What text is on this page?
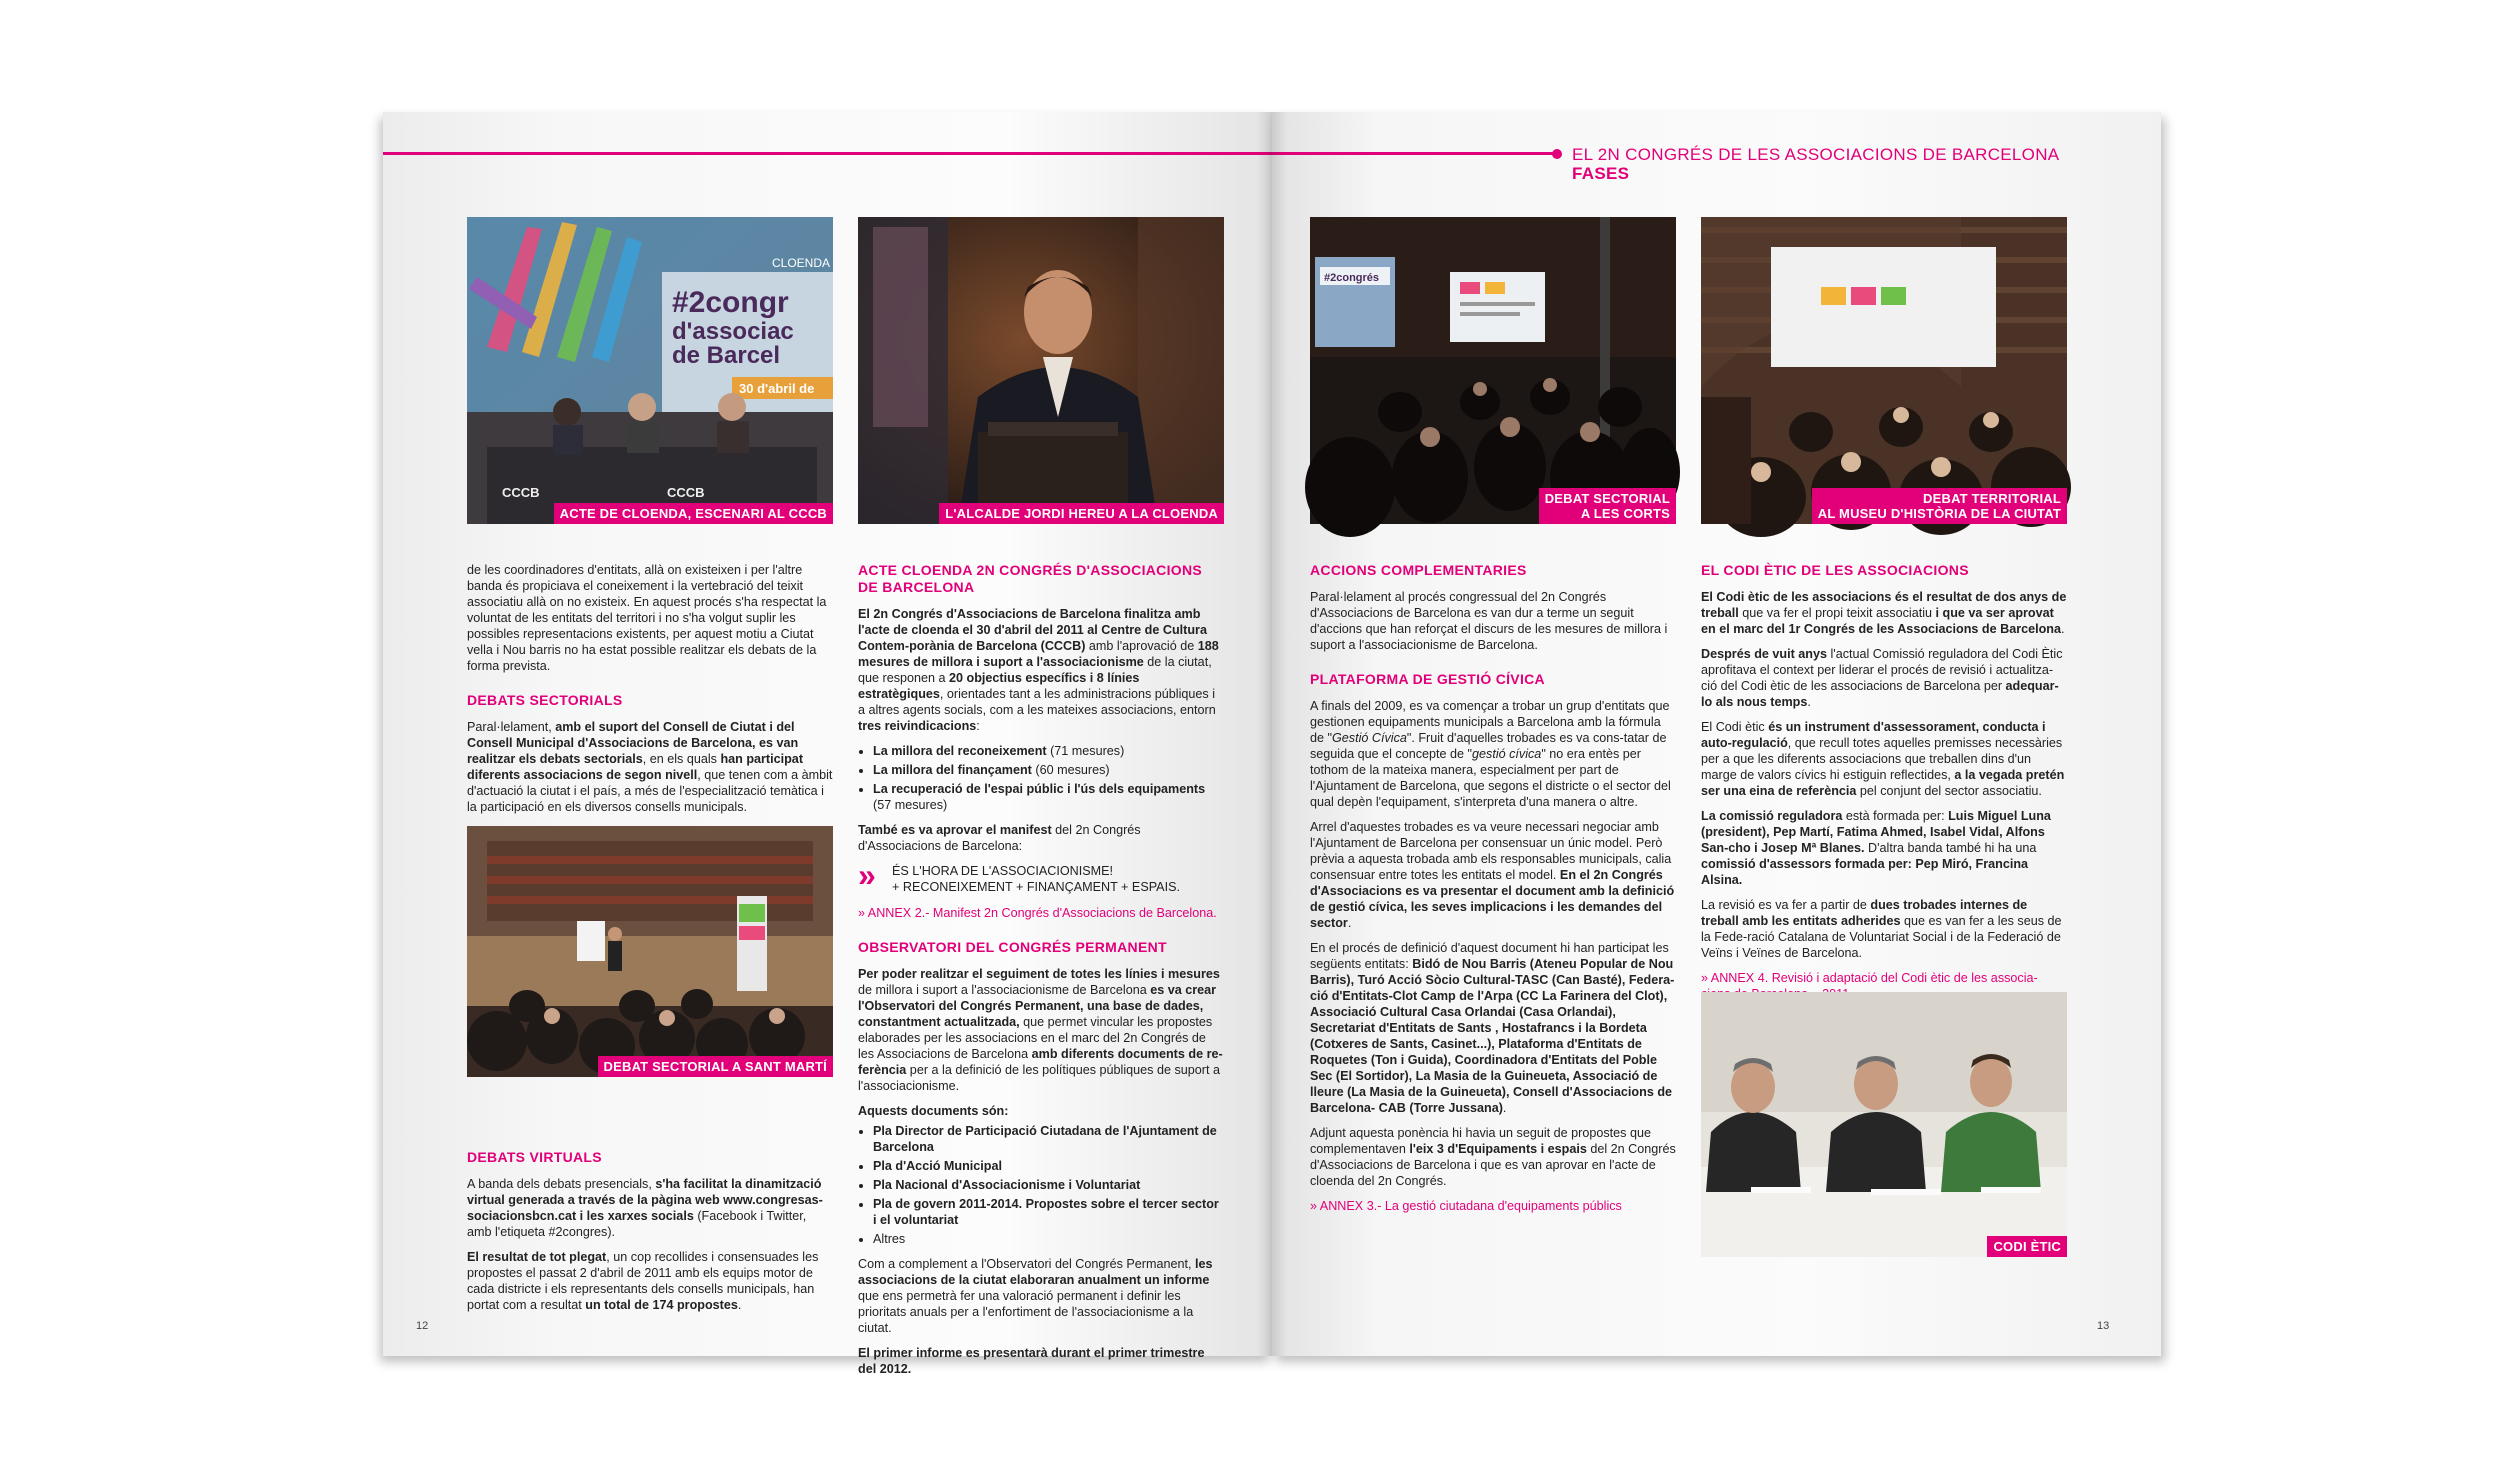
#2congr
d'associac
de Barcel
30 d'abril de
CLOENDA
CCCB	CCCB
ACTE DE CLOENDA, ESCENARI AL CCCB	L'ALCALDE JORDI HEREU A LA CLOENDA

de les coordinadores d'entitats, allà on existeixen i per l'altre banda és propiciava el coneixement i la vertebració del teixit associatiu allà on no existeix. En aquest procés s'ha respectat la voluntat de les entitats del territori i no s'ha volgut suplir les possibles representacions existents, per aquest motiu a Ciutat vella i Nou barris no ha estat possible realitzar els debats de la forma prevista.

DEBATS SECTORIALS

Paral·lelament, amb el suport del Consell de Ciutat i del Consell Municipal d'Associacions de Barcelona, es van realitzar els debats sectorials, en els quals han participat diferents associacions de segon nivell, que tenen com a àmbit d'actuació la ciutat i el país, a més de l'especialització temàtica i la participació en els diversos consells municipals.

DEBAT SECTORIAL A SANT MARTÍ
DEBATS VIRTUALS

A banda dels debats presencials, s'ha facilitat la dinamització virtual generada a través de la pàgina web www.congresas-sociacionsbcn.cat i les xarxes socials (Facebook i Twitter, amb l'etiqueta #2congres).

El resultat de tot plegat, un cop recollides i consensuades les propostes el passat 2 d'abril de 2011 amb els equips motor de cada districte i els representants dels consells municipals, han portat com a resultat un total de 174 propostes.

ACTE CLOENDA 2N CONGRÉS D'ASSOCIACIONS DE BARCELONA

El 2n Congrés d'Associacions de Barcelona finalitza amb l'acte de cloenda el 30 d'abril del 2011 al Centre de Cultura Contem-porània de Barcelona (CCCB) amb l'aprovació de 188 mesures de millora i suport a l'associacionisme de la ciutat, que responen a 20 objectius específics i 8 línies estratègiques, orientades tant a les administracions públiques i a altres agents socials, com a les mateixes associacions, entorn tres reivindicacions:

• La millora del reconeixement (71 mesures)
• La millora del finançament (60 mesures)
• La recuperació de l'espai públic i l'ús dels equipaments (57 mesures)

També es va aprovar el manifest del 2n Congrés d'Associacions de Barcelona:

» ÉS L'HORA DE L'ASSOCIACIONISME!
+ RECONEIXEMENT + FINANÇAMENT + ESPAIS.

» ANNEX 2.- Manifest 2n Congrés d'Associacions de Barcelona.

OBSERVATORI DEL CONGRÉS PERMANENT

Per poder realitzar el seguiment de totes les línies i mesures de millora i suport a l'associacionisme de Barcelona es va crear l'Observatori del Congrés Permanent, una base de dades, constantment actualitzada, que permet vincular les propostes elaborades per les associacions en el marc del 2n Congrés de les Associacions de Barcelona amb diferents documents de re-ferència per a la definició de les polítiques públiques de suport a l'associacionisme.

Aquests documents són:

• Pla Director de Participació Ciutadana de l'Ajuntament de Barcelona
• Pla d'Acció Municipal
• Pla Nacional d'Associacionisme i Voluntariat
• Pla de govern 2011-2014. Propostes sobre el tercer sector i el voluntariat
• Altres

Com a complement a l'Observatori del Congrés Permanent, les associacions de la ciutat elaboraran anualment un informe que ens permetrà fer una valoració permanent i definir les prioritats anuals per a l'enfortiment de l'associacionisme a la ciutat.

El primer informe es presentarà durant el primer trimestre del 2012.

12
EL 2N CONGRÉS DE LES ASSOCIACIONS DE BARCELONA
FASES
#2congrés
DEBAT SECTORIAL
A LES CORTS
DEBAT TERRITORIAL
AL MUSEU D'HISTÒRIA DE LA CIUTAT
ACCIONS COMPLEMENTARIES

Paral·lelament al procés congressual del 2n Congrés d'Associacions de Barcelona es van dur a terme un seguit d'accions que han reforçat el discurs de les mesures de millora i suport a l'associacionisme de Barcelona.

PLATAFORMA DE GESTIÓ CÍVICA

A finals del 2009, es va començar a trobar un grup d'entitats que gestionen equipaments municipals a Barcelona amb la fórmula de "Gestió Cívica". Fruit d'aquelles trobades es va cons-tatar de seguida que el concepte de "gestió cívica" no era entès per tothom de la mateixa manera, especialment per part de l'Ajuntament de Barcelona, que segons el districte o el sector del qual depèn l'equipament, s'interpreta d'una manera o altre.

Arrel d'aquestes trobades es va veure necessari negociar amb l'Ajuntament de Barcelona per consensuar un únic model. Però prèvia a aquesta trobada amb els responsables municipals, calia consensuar entre totes les entitats el model. En el 2n Congrés d'Associacions es va presentar el document amb la definició de gestió cívica, les seves implicacions i les demandes del sector.

En el procés de definició d'aquest document hi han participat les següents entitats: Bidó de Nou Barris (Ateneu Popular de Nou Barris), Turó Acció Sòcio Cultural-TASC (Can Basté), Federa-ció d'Entitats-Clot Camp de l'Arpa (CC La Farinera del Clot), Associació Cultural Casa Orlandai (Casa Orlandai), Secretariat d'Entitats de Sants , Hostafrancs i la Bordeta (Cotxeres de Sants, Casinet...), Plataforma d'Entitats de Roquetes (Ton i Guida), Coordinadora d'Entitats del Poble Sec (El Sortidor), La Masia de la Guineueta, Associació de lleure (La Masia de la Guineueta), Consell d'Associacions de Barcelona- CAB (Torre Jussana).

Adjunt aquesta ponència hi havia un seguit de propostes que complementaven l'eix 3 d'Equipaments i espais del 2n Congrés d'Associacions de Barcelona i que es van aprovar en l'acte de cloenda del 2n Congrés.

» ANNEX 3.- La gestió ciutadana d'equipaments públics

EL CODI ÈTIC DE LES ASSOCIACIONS

El Codi ètic de les associacions és el resultat de dos anys de treball que va fer el propi teixit associatiu i que va ser aprovat en el marc del 1r Congrés de les Associacions de Barcelona.

Després de vuit anys l'actual Comissió reguladora del Codi Ètic aprofitava el context per liderar el procés de revisió i actualitza-ció del Codi ètic de les associacions de Barcelona per adequar-lo als nous temps.

El Codi ètic és un instrument d'assessorament, conducta i auto-regulació, que recull totes aquelles premisses necessàries per a que les diferents associacions que treballen dins d'un marge de valors cívics hi estiguin reflectides, a la vegada pretén ser una eina de referència pel conjunt del sector associatiu.

La comissió reguladora està formada per: Luis Miguel Luna (president), Pep Martí, Fatima Ahmed, Isabel Vidal, Alfons San-cho i Josep Mª Blanes. D'altra banda també hi ha una comissió d'assessors formada per: Pep Miró, Francina Alsina.

La revisió es va fer a partir de dues trobades internes de treball amb les entitats adherides que es van fer a les seus de la Fede-ració Catalana de Voluntariat Social i de la Federació de Veïns i Veïnes de Barcelona.

» ANNEX 4. Revisió i adaptació del Codi ètic de les associa-

CODI ÈTIC
13
